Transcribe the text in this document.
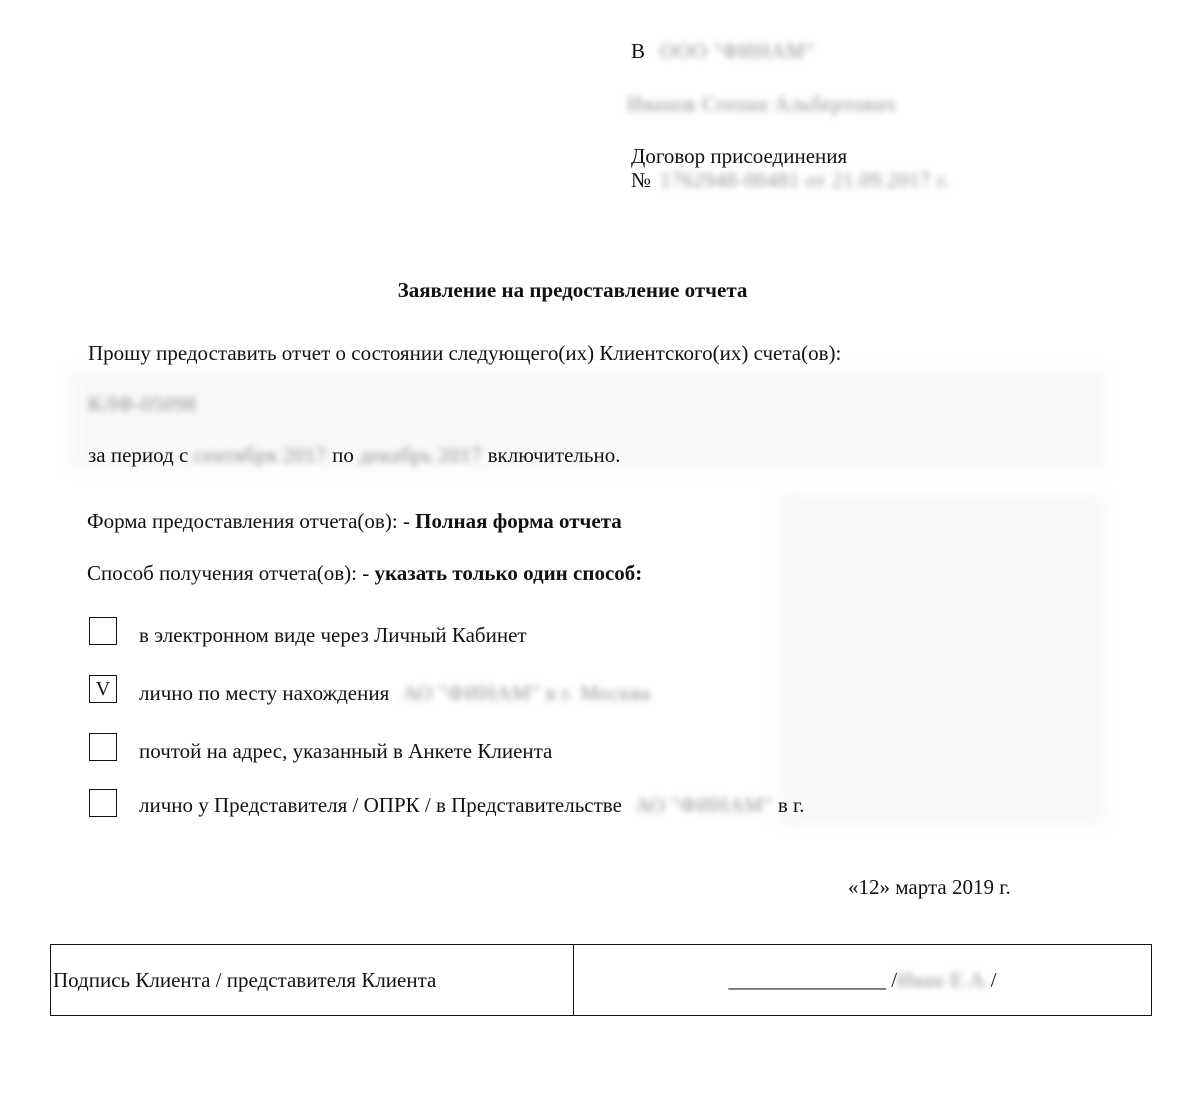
В ООО "ФИНАМ"
Иванов Степан Альбертович
Договор присоединения
№ 1762948-00481 от 21.09.2017 г.
Заявление на предоставление отчета
Прошу предоставить отчет о состоянии следующего(их) Клиентского(их) счета(ов):
КЛФ-05098
за период с сентября 2017 по декабрь 2017 включительно.
Форма предоставления отчета(ов): - Полная форма отчета
Способ получения отчета(ов): - указать только один способ:
в электронном виде через Личный Кабинет
V	лично по месту нахождения АО "ФИНАМ" в г. Москва
почтой на адрес, указанный в Анкете Клиента
лично у Представителя / ОПРК / в Представительстве АО "ФИНАМ" в г.
«12» марта 2019 г.
Подпись Клиента / представителя Клиента	_______________ /Иван Е.А./
